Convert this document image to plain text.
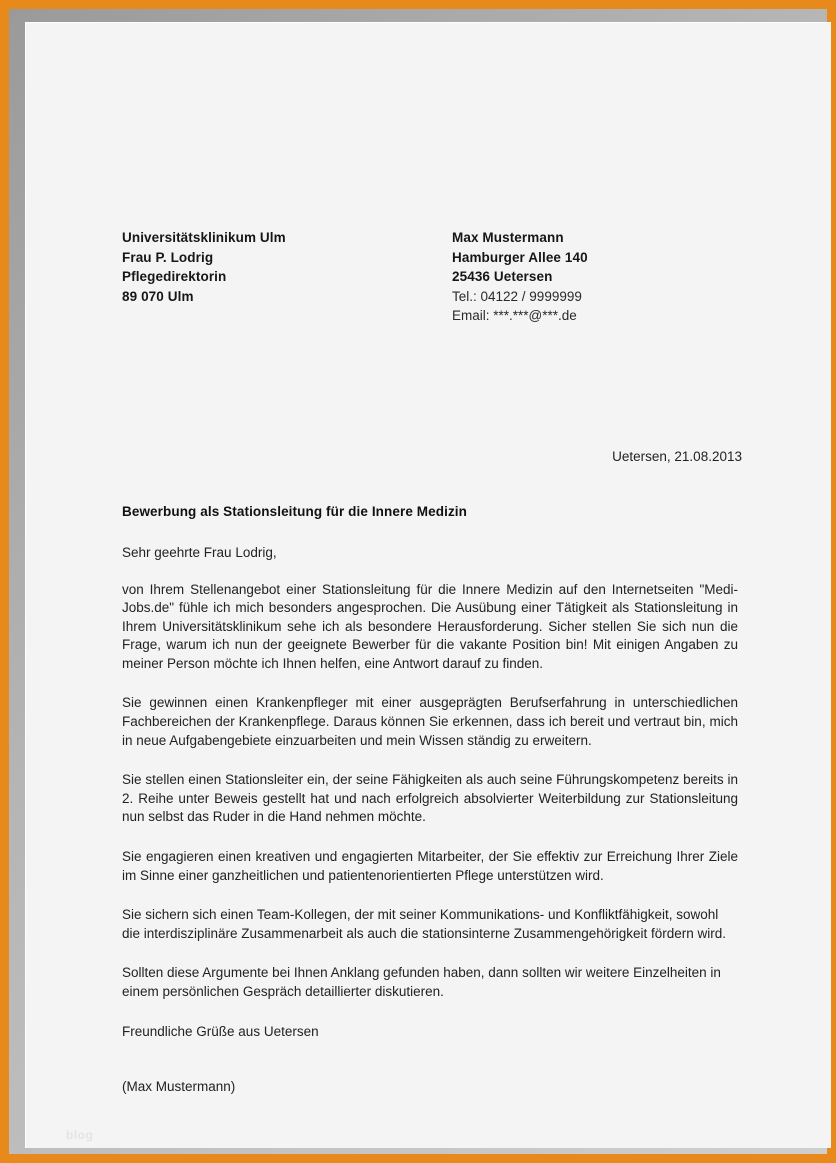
Universitätsklinikum Ulm
Frau P. Lodrig
Pflegedirektorin
89 070 Ulm
Max Mustermann
Hamburger Allee 140
25436 Uetersen
Tel.: 04122 / 9999999
Email: ***.***@***.de
Uetersen, 21.08.2013
Bewerbung als Stationsleitung für die Innere Medizin
Sehr geehrte Frau Lodrig,
von Ihrem Stellenangebot einer Stationsleitung für die Innere Medizin auf den Internetseiten "Medi-Jobs.de" fühle ich mich besonders angesprochen. Die Ausübung einer Tätigkeit als Stationsleitung in Ihrem Universitätsklinikum sehe ich als besondere Herausforderung. Sicher stellen Sie sich nun die Frage, warum ich nun der geeignete Bewerber für die vakante Position bin! Mit einigen Angaben zu meiner Person möchte ich Ihnen helfen, eine Antwort darauf zu finden.
Sie gewinnen einen Krankenpfleger mit einer ausgeprägten Berufserfahrung in unterschiedlichen Fachbereichen der Krankenpflege. Daraus können Sie erkennen, dass ich bereit und vertraut bin, mich in neue Aufgabengebiete einzuarbeiten und mein Wissen ständig zu erweitern.
Sie stellen einen Stationsleiter ein, der seine Fähigkeiten als auch seine Führungskompetenz bereits in 2. Reihe unter Beweis gestellt hat und nach erfolgreich absolvierter Weiterbildung zur Stationsleitung nun selbst das Ruder in die Hand nehmen möchte.
Sie engagieren einen kreativen und engagierten Mitarbeiter, der Sie effektiv zur Erreichung Ihrer Ziele im Sinne einer ganzheitlichen und patientenorientierten Pflege unterstützen wird.
Sie sichern sich einen Team-Kollegen, der mit seiner Kommunikations- und Konfliktfähigkeit, sowohl die interdisziplinäre Zusammenarbeit als auch die stationsinterne Zusammengehörigkeit fördern wird.
Sollten diese Argumente bei Ihnen Anklang gefunden haben, dann sollten wir weitere Einzelheiten in einem persönlichen Gespräch detaillierter diskutieren.
Freundliche Grüße aus Uetersen
(Max Mustermann)
blog
